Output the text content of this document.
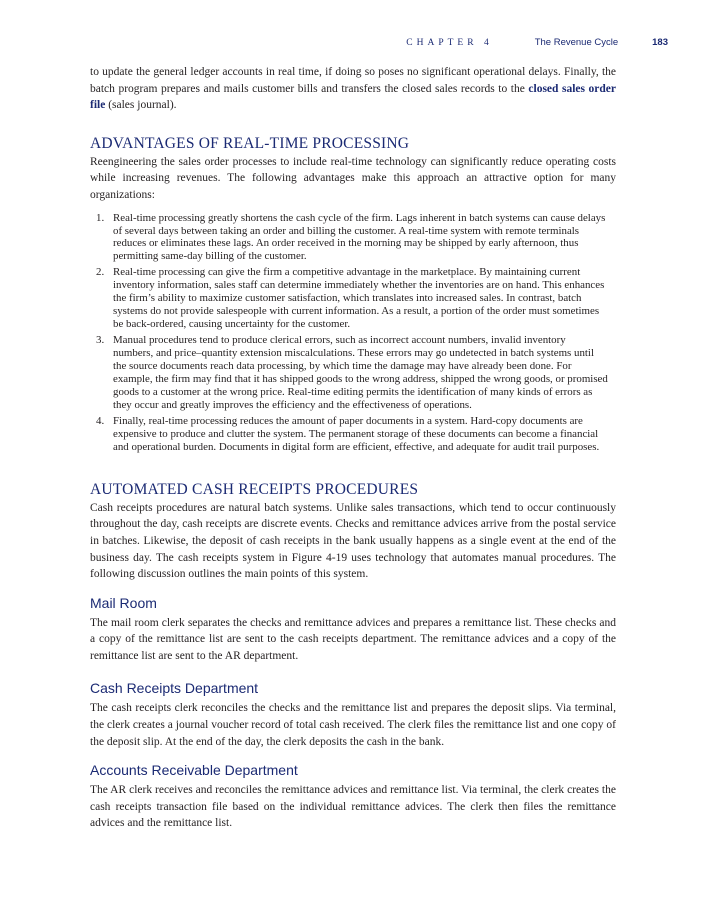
CHAPTER 4	The Revenue Cycle	183

to update the general ledger accounts in real time, if doing so poses no significant operational delays. Finally, the batch program prepares and mails customer bills and transfers the closed sales records to the closed sales order file (sales journal).

ADVANTAGES OF REAL-TIME PROCESSING

Reengineering the sales order processes to include real-time technology can significantly reduce operating costs while increasing revenues. The following advantages make this approach an attractive option for many organizations:

1. Real-time processing greatly shortens the cash cycle of the firm. Lags inherent in batch systems can cause delays of several days between taking an order and billing the customer. A real-time system with remote terminals reduces or eliminates these lags. An order received in the morning may be shipped by early afternoon, thus permitting same-day billing of the customer.
2. Real-time processing can give the firm a competitive advantage in the marketplace. By maintaining current inventory information, sales staff can determine immediately whether the inventories are on hand. This enhances the firm’s ability to maximize customer satisfaction, which translates into increased sales. In contrast, batch systems do not provide salespeople with current information. As a result, a portion of the order must sometimes be back-ordered, causing uncertainty for the customer.
3. Manual procedures tend to produce clerical errors, such as incorrect account numbers, invalid inventory numbers, and price–quantity extension miscalculations. These errors may go undetected in batch systems until the source documents reach data processing, by which time the damage may have already been done. For example, the firm may find that it has shipped goods to the wrong address, shipped the wrong goods, or promised goods to a customer at the wrong price. Real-time editing permits the identification of many kinds of errors as they occur and greatly improves the efficiency and the effectiveness of operations.
4. Finally, real-time processing reduces the amount of paper documents in a system. Hard-copy documents are expensive to produce and clutter the system. The permanent storage of these documents can become a financial and operational burden. Documents in digital form are efficient, effective, and adequate for audit trail purposes.
AUTOMATED CASH RECEIPTS PROCEDURES

Cash receipts procedures are natural batch systems. Unlike sales transactions, which tend to occur continuously throughout the day, cash receipts are discrete events. Checks and remittance advices arrive from the postal service in batches. Likewise, the deposit of cash receipts in the bank usually happens as a single event at the end of the business day. The cash receipts system in Figure 4-19 uses technology that automates manual procedures. The following discussion outlines the main points of this system.

Mail Room

The mail room clerk separates the checks and remittance advices and prepares a remittance list. These checks and a copy of the remittance list are sent to the cash receipts department. The remittance advices and a copy of the remittance list are sent to the AR department.

Cash Receipts Department

The cash receipts clerk reconciles the checks and the remittance list and prepares the deposit slips. Via terminal, the clerk creates a journal voucher record of total cash received. The clerk files the remittance list and one copy of the deposit slip. At the end of the day, the clerk deposits the cash in the bank.

Accounts Receivable Department

The AR clerk receives and reconciles the remittance advices and remittance list. Via terminal, the clerk creates the cash receipts transaction file based on the individual remittance advices. The clerk then files the remittance advices and the remittance list.
